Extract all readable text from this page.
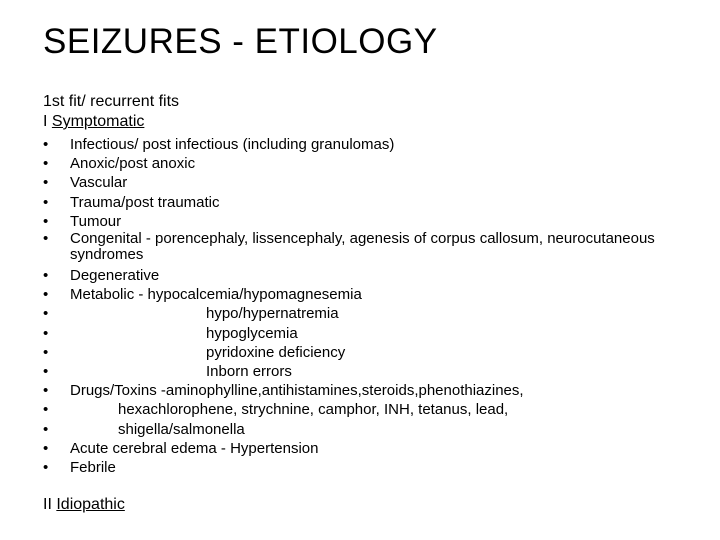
SEIZURES - ETIOLOGY
1st fit/ recurrent fits
I Symptomatic
• Infectious/ post infectious (including granulomas)
• Anoxic/post anoxic
• Vascular
• Trauma/post traumatic
• Tumour
• Congenital - porencephaly, lissencephaly, agenesis of corpus callosum, neurocutaneous syndromes
• Degenerative
• Metabolic - hypocalcemia/hypomagnesemia
•	hypo/hypernatremia
•	hypoglycemia
•	pyridoxine deficiency
•	Inborn errors
• Drugs/Toxins -aminophylline,antihistamines,steroids,phenothiazines,
•	hexachlorophene, strychnine, camphor, INH, tetanus, lead,
•	shigella/salmonella
• Acute cerebral edema - Hypertension
• Febrile
II Idiopathic
